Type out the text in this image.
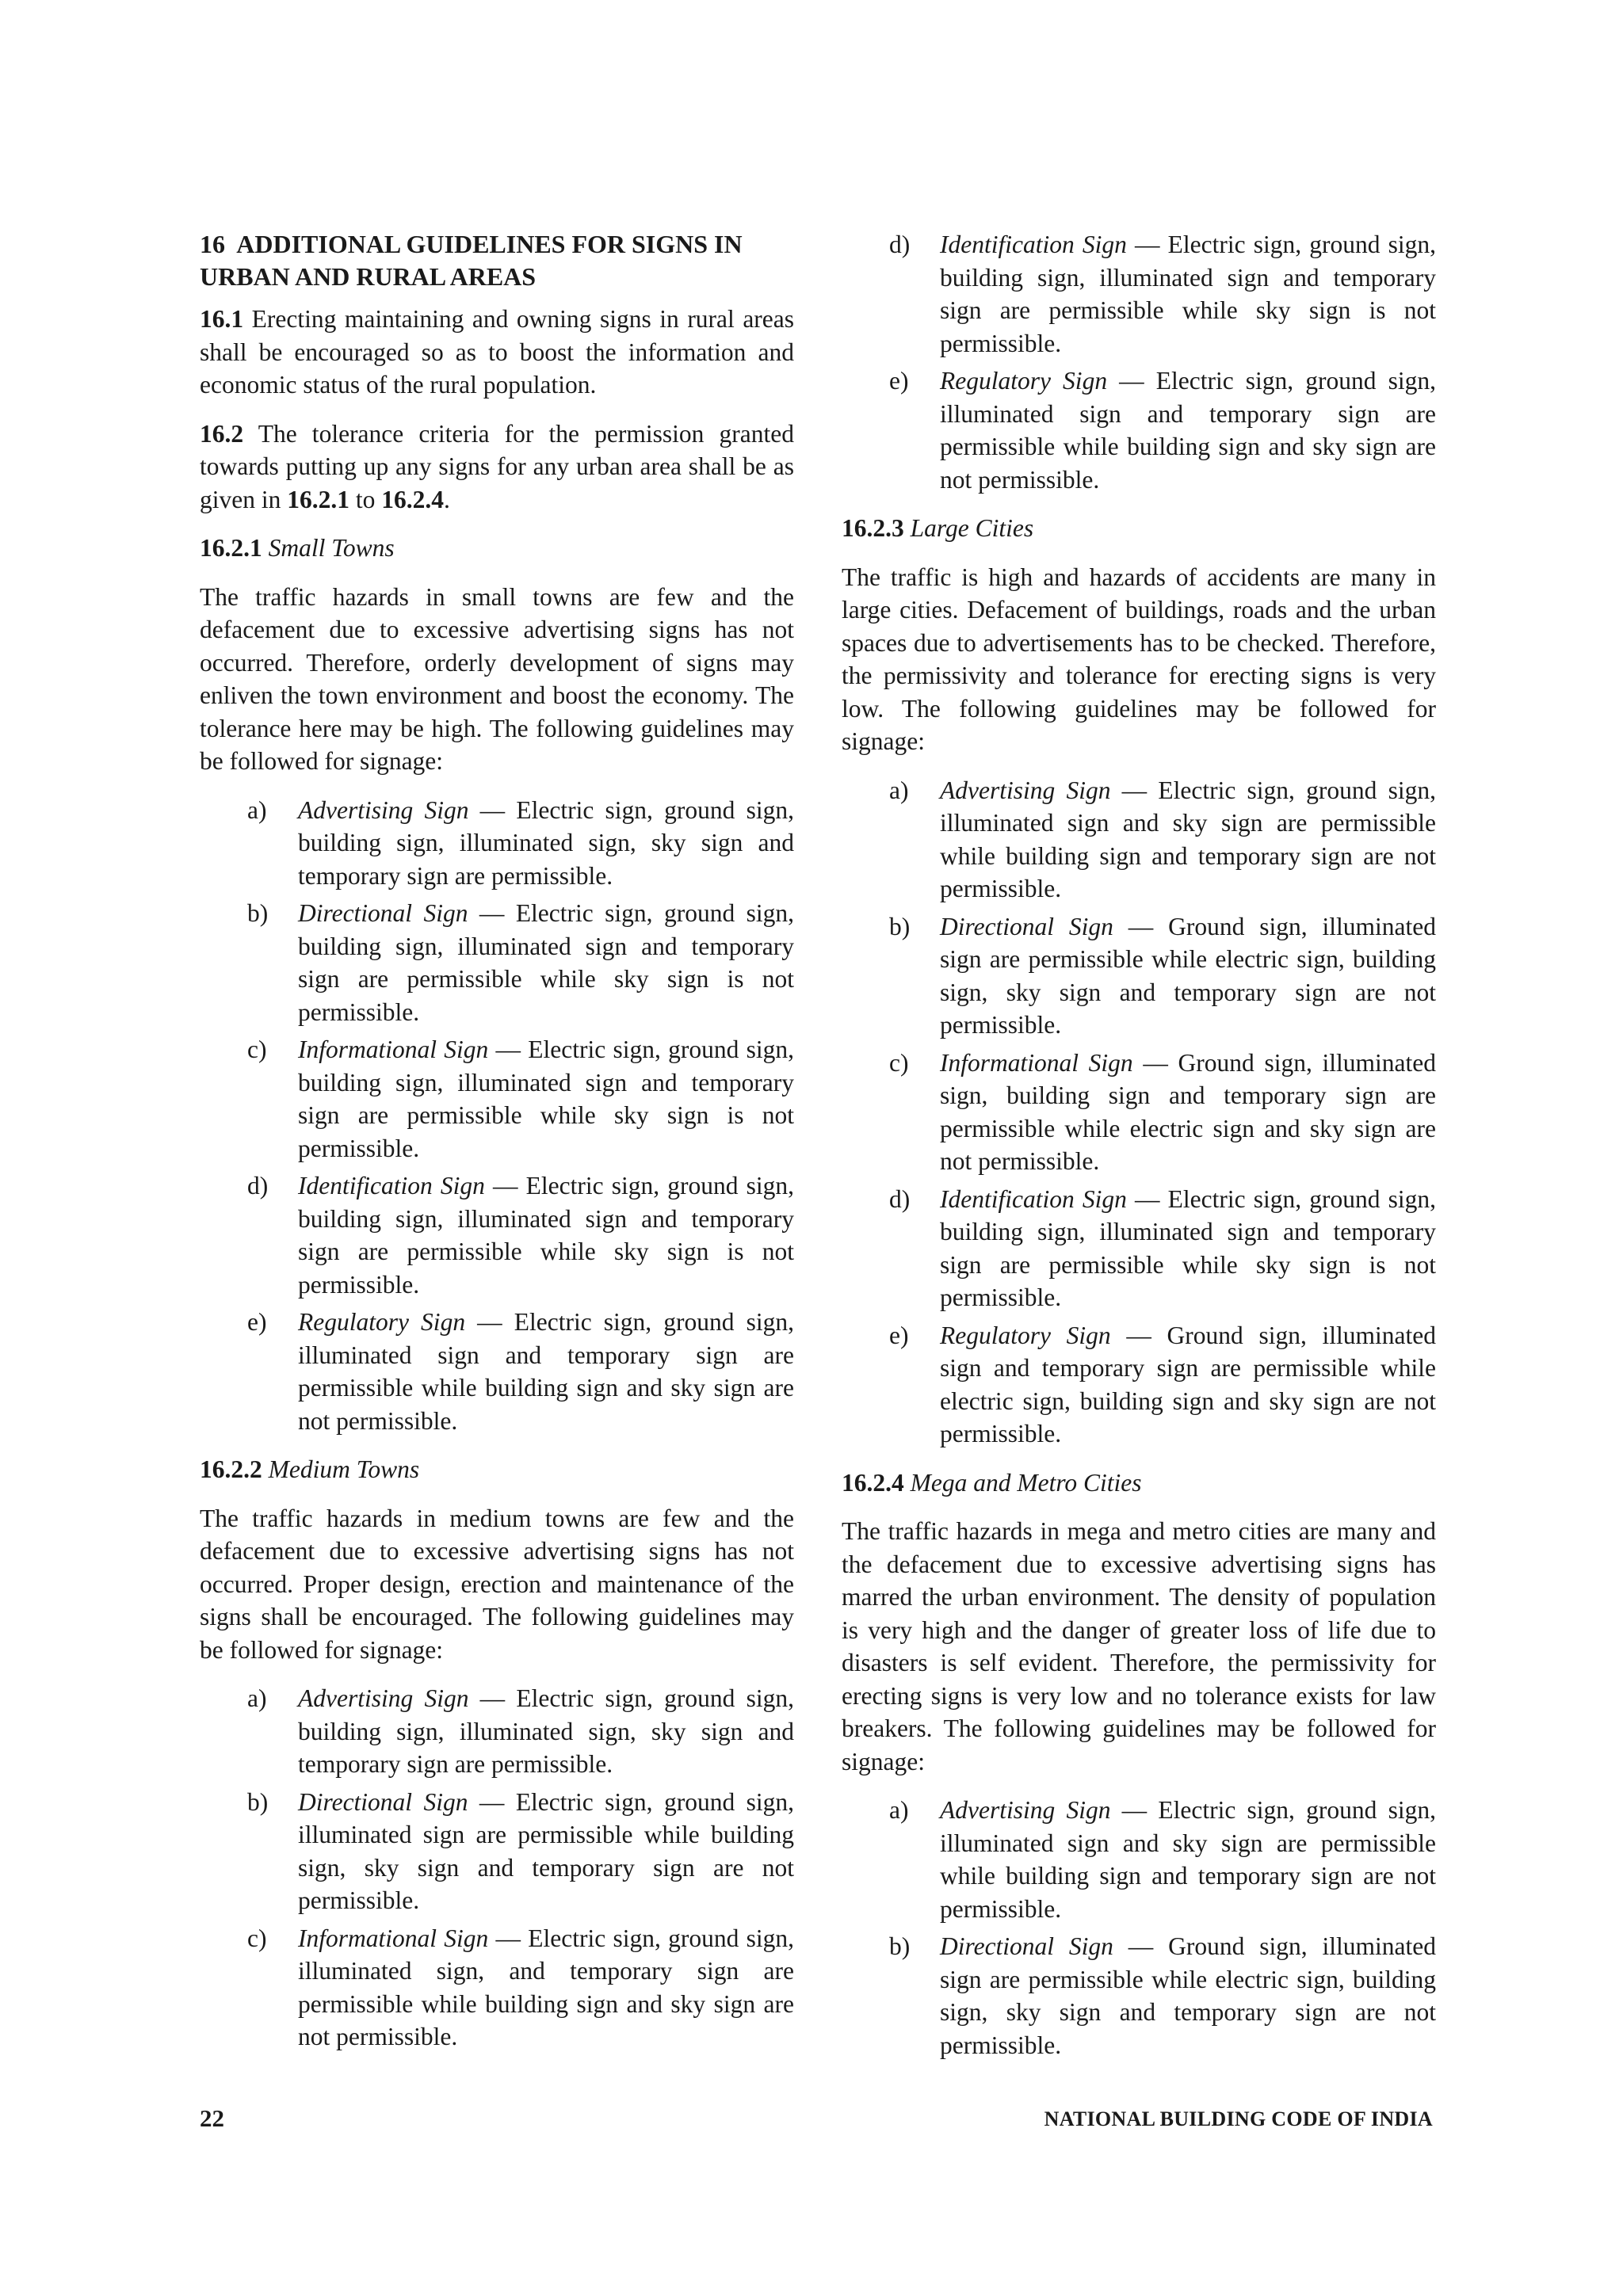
16 ADDITIONAL GUIDELINES FOR SIGNS IN URBAN AND RURAL AREAS

16.1 Erecting maintaining and owning signs in rural areas shall be encouraged so as to boost the information and economic status of the rural population.

16.2 The tolerance criteria for the permission granted towards putting up any signs for any urban area shall be as given in 16.2.1 to 16.2.4.

16.2.1 Small Towns

The traffic hazards in small towns are few and the defacement due to excessive advertising signs has not occurred. Therefore, orderly development of signs may enliven the town environment and boost the economy. The tolerance here may be high. The following guidelines may be followed for signage:

a) Advertising Sign — Electric sign, ground sign, building sign, illuminated sign, sky sign and temporary sign are permissible.
b) Directional Sign — Electric sign, ground sign, building sign, illuminated sign and temporary sign are permissible while sky sign is not permissible.
c) Informational Sign — Electric sign, ground sign, building sign, illuminated sign and temporary sign are permissible while sky sign is not permissible.
d) Identification Sign — Electric sign, ground sign, building sign, illuminated sign and temporary sign are permissible while sky sign is not permissible.
e) Regulatory Sign — Electric sign, ground sign, illuminated sign and temporary sign are permissible while building sign and sky sign are not permissible.
16.2.2 Medium Towns

The traffic hazards in medium towns are few and the defacement due to excessive advertising signs has not occurred. Proper design, erection and maintenance of the signs shall be encouraged. The following guidelines may be followed for signage:

a) Advertising Sign — Electric sign, ground sign, building sign, illuminated sign, sky sign and temporary sign are permissible.
b) Directional Sign — Electric sign, ground sign, illuminated sign are permissible while building sign, sky sign and temporary sign are not permissible.
c) Informational Sign — Electric sign, ground sign, illuminated sign, and temporary sign are permissible while building sign and sky sign are not permissible.
d) Identification Sign — Electric sign, ground sign, building sign, illuminated sign and temporary sign are permissible while sky sign is not permissible.
e) Regulatory Sign — Electric sign, ground sign, illuminated sign and temporary sign are permissible while building sign and sky sign are not permissible.
16.2.3 Large Cities

The traffic is high and hazards of accidents are many in large cities. Defacement of buildings, roads and the urban spaces due to advertisements has to be checked. Therefore, the permissivity and tolerance for erecting signs is very low. The following guidelines may be followed for signage:

a) Advertising Sign — Electric sign, ground sign, illuminated sign and sky sign are permissible while building sign and temporary sign are not permissible.
b) Directional Sign — Ground sign, illuminated sign are permissible while electric sign, building sign, sky sign and temporary sign are not permissible.
c) Informational Sign — Ground sign, illuminated sign, building sign and temporary sign are permissible while electric sign and sky sign are not permissible.
d) Identification Sign — Electric sign, ground sign, building sign, illuminated sign and temporary sign are permissible while sky sign is not permissible.
e) Regulatory Sign — Ground sign, illuminated sign and temporary sign are permissible while electric sign, building sign and sky sign are not permissible.
16.2.4 Mega and Metro Cities

The traffic hazards in mega and metro cities are many and the defacement due to excessive advertising signs has marred the urban environment. The density of population is very high and the danger of greater loss of life due to disasters is self evident. Therefore, the permissivity for erecting signs is very low and no tolerance exists for law breakers. The following guidelines may be followed for signage:

a) Advertising Sign — Electric sign, ground sign, illuminated sign and sky sign are permissible while building sign and temporary sign are not permissible.
b) Directional Sign — Ground sign, illuminated sign are permissible while electric sign, building sign, sky sign and temporary sign are not permissible.
22	NATIONAL BUILDING CODE OF INDIA
